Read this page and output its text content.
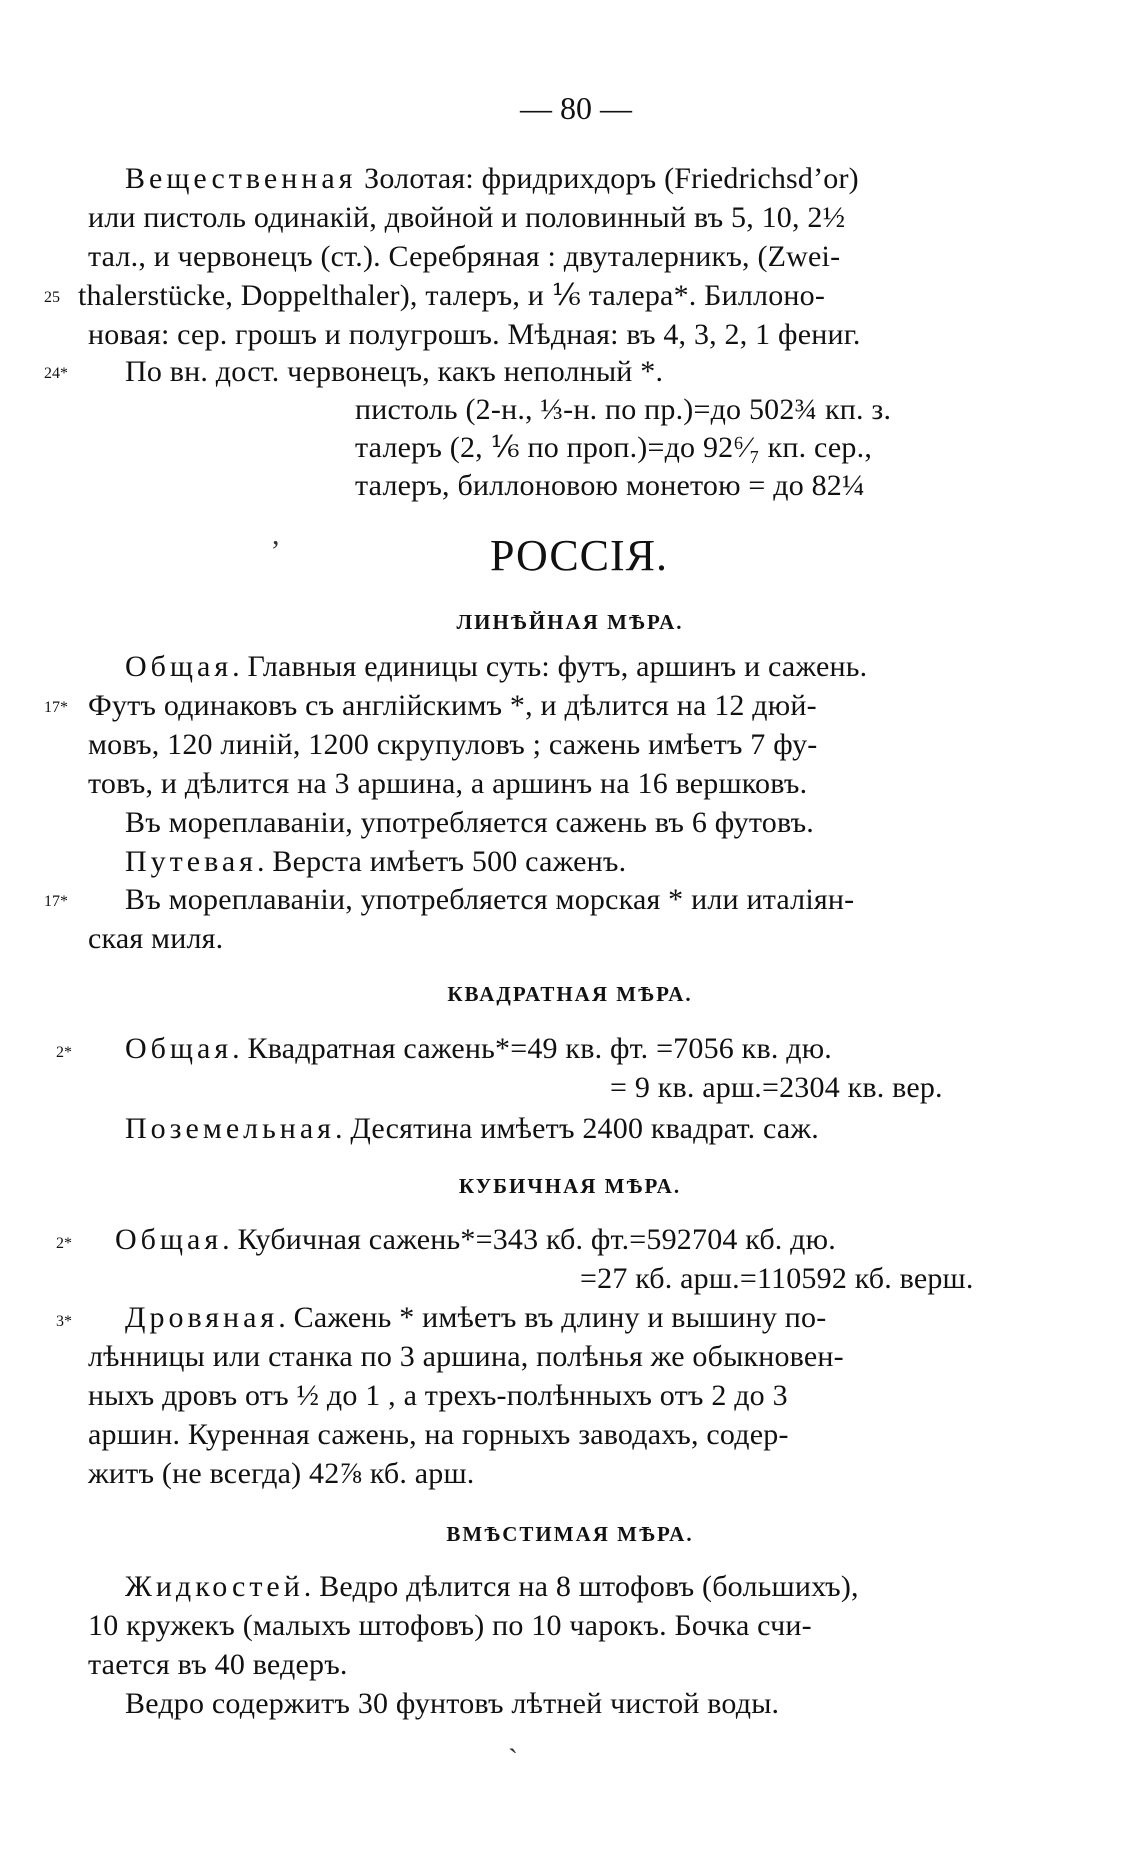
— 80 —
Вещественная Золотая: фридрихдоръ (Friedrichsd’or)
или пистоль одинакій, двойной и половинный въ 5, 10, 2½
тал., и червонецъ (ст.). Серебряная : двуталерникъ, (Zwei-
25 thalerstücke, Doppelthaler), талеръ, и ⅙ талера*. Биллоно-
новая: сер. грошъ и полугрошъ. Мѣдная: въ 4, 3, 2, 1 фениг.
24* По вн. дост. червонецъ, какъ неполный *.
пистоль (2-н., ⅓-н. по пр.)=до 502¾ кп. з.
талеръ (2, ⅙ по проп.)=до 92⁶⁄₇ кп. сер.,
талеръ, биллоновою монетою = до 82¼
,	РОССІЯ.
ЛИНѢЙНАЯ МѢРА.
Общая. Главныя единицы суть: футъ, аршинъ и сажень.
17* Футъ одинаковъ съ англійскимъ *, и дѣлится на 12 дюй-
мовъ, 120 линій, 1200 скрупуловъ ; сажень имѣетъ 7 фу-
товъ, и дѣлится на 3 аршина, а аршинъ на 16 вершковъ.
Въ мореплаваніи, употребляется сажень въ 6 футовъ.
Путевая. Верста имѣетъ 500 саженъ.
17* Въ мореплаваніи, употребляется морская * или италіян-
ская миля.
КВАДРАТНАЯ МѢРА.
2* Общая. Квадратная сажень*=49 кв. фт. =7056 кв. дю.
= 9 кв. арш.=2304 кв. вер.
Поземельная. Десятина имѣетъ 2400 квадрат. саж.
КУБИЧНАЯ МѢРА.
2* Общая. Кубичная сажень*=343 кб. фт.=592704 кб. дю.
=27 кб. арш.=110592 кб. верш.
3* Дровяная. Сажень * имѣетъ въ длину и вышину по-
лѣнницы или станка по 3 аршина, полѣнья же обыкновен-
ныхъ дровъ отъ ½ до 1 , а трехъ-полѣнныхъ отъ 2 до 3
аршин. Куренная сажень, на горныхъ заводахъ, содер-
житъ (не всегда) 42⅞ кб. арш.
ВМѢСТИМАЯ МѢРА.
Жидкостей. Ведро дѣлится на 8 штофовъ (большихъ),
10 кружекъ (малыхъ штофовъ) по 10 чарокъ. Бочка счи-
тается въ 40 ведеръ.
Ведро содержитъ 30 фунтовъ лѣтней чистой воды.
ˋ
